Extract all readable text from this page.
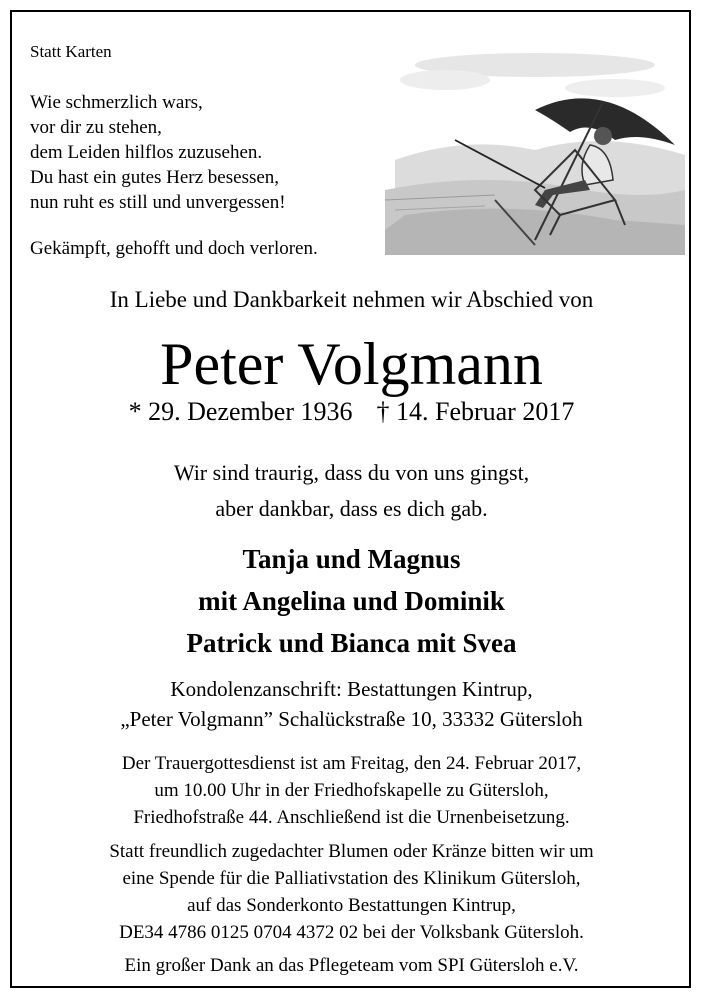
Statt Karten
Wie schmerzlich wars,
vor dir zu stehen,
dem Leiden hilflos zuzusehen.
Du hast ein gutes Herz besessen,
nun ruht es still und unvergessen!
Gekämpft, gehofft und doch verloren.
In Liebe und Dankbarkeit nehmen wir Abschied von
Peter Volgmann
* 29. Dezember 1936 † 14. Februar 2017
Wir sind traurig, dass du von uns gingst,
aber dankbar, dass es dich gab.
Tanja und Magnus
mit Angelina und Dominik
Patrick und Bianca mit Svea
Kondolenzanschrift: Bestattungen Kintrup,
„Peter Volgmann” Schalückstraße 10, 33332 Gütersloh
Der Trauergottesdienst ist am Freitag, den 24. Februar 2017,
um 10.00 Uhr in der Friedhofskapelle zu Gütersloh,
Friedhofstraße 44. Anschließend ist die Urnenbeisetzung.
Statt freundlich zugedachter Blumen oder Kränze bitten wir um
eine Spende für die Palliativstation des Klinikum Gütersloh,
auf das Sonderkonto Bestattungen Kintrup,
DE34 4786 0125 0704 4372 02 bei der Volksbank Gütersloh.
Ein großer Dank an das Pflegeteam vom SPI Gütersloh e.V.
